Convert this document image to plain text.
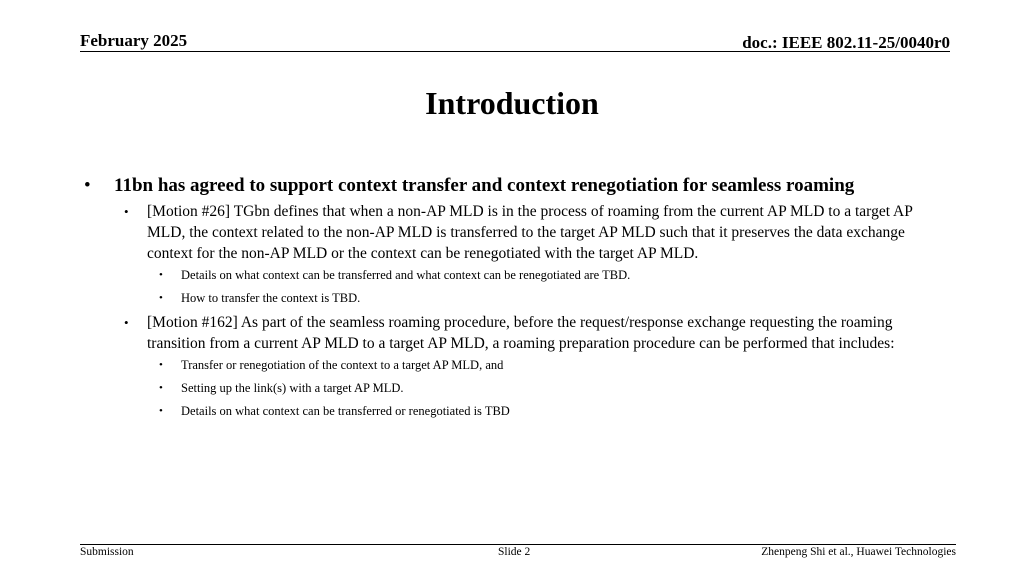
February 2025	doc.: IEEE 802.11-25/0040r0
Introduction
• 11bn has agreed to support context transfer and context renegotiation for seamless roaming
• [Motion #26] TGbn defines that when a non-AP MLD is in the process of roaming from the current AP MLD to a target AP MLD, the context related to the non-AP MLD is transferred to the target AP MLD such that it preserves the data exchange context for the non-AP MLD or the context can be renegotiated with the target AP MLD.
• Details on what context can be transferred and what context can be renegotiated are TBD.
• How to transfer the context is TBD.
• [Motion #162] As part of the seamless roaming procedure, before the request/response exchange requesting the roaming transition from a current AP MLD to a target AP MLD, a roaming preparation procedure can be performed that includes:
• Transfer or renegotiation of the context to a target AP MLD, and
• Setting up the link(s) with a target AP MLD.
• Details on what context can be transferred or renegotiated is TBD
Submission	Slide 2	Zhenpeng Shi et al., Huawei Technologies
